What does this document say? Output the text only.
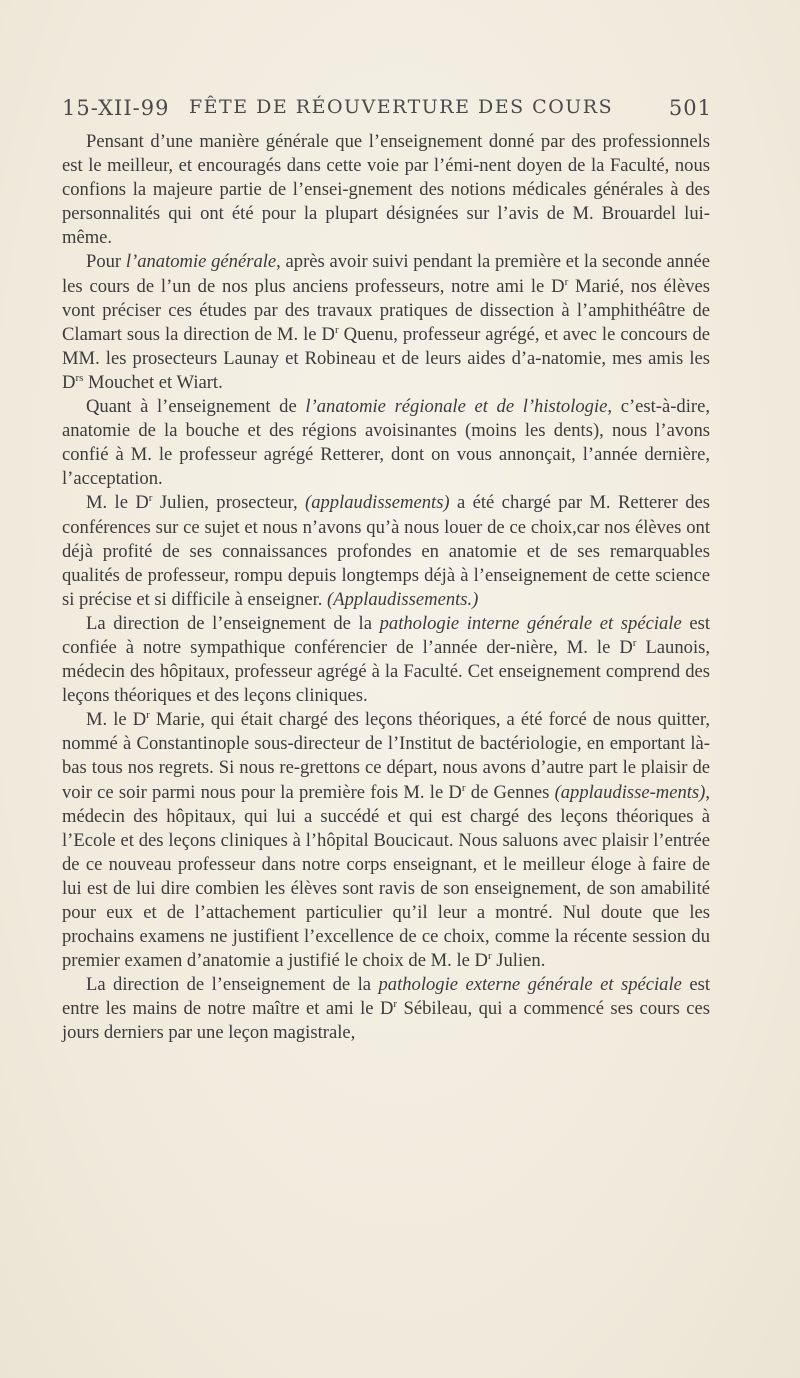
15-XII-99 FÊTE DE RÉOUVERTURE DES COURS	501

Pensant d’une manière générale que l’enseignement donné par des professionnels est le meilleur, et encouragés dans cette voie par l’émi-nent doyen de la Faculté, nous confions la majeure partie de l’ensei-gnement des notions médicales générales à des personnalités qui ont été pour la plupart désignées sur l’avis de M. Brouardel lui-même.

Pour l’anatomie générale, après avoir suivi pendant la première et la seconde année les cours de l’un de nos plus anciens professeurs, notre ami le $D^r$ Marié, nos élèves vont préciser ces études par des travaux pratiques de dissection à l’amphithéâtre de Clamart sous la direction de M. le $D^r$ Quenu, professeur agrégé, et avec le concours de MM. les prosecteurs Launay et Robineau et de leurs aides d’a-natomie, mes amis les $D^{rs}$ Mouchet et Wiart.

Quant à l’enseignement de l’anatomie régionale et de l’histologie, c’est-à-dire, anatomie de la bouche et des régions avoisinantes (moins les dents), nous l’avons confié à M. le professeur agrégé Retterer, dont on vous annonçait, l’année dernière, l’acceptation.

M. le $D^r$ Julien, prosecteur, (applaudissements) a été chargé par M. Retterer des conférences sur ce sujet et nous n’avons qu’à nous louer de ce choix,car nos élèves ont déjà profité de ses connaissances profondes en anatomie et de ses remarquables qualités de professeur, rompu depuis longtemps déjà à l’enseignement de cette science si précise et si difficile à enseigner. (Applaudissements.)

La direction de l’enseignement de la pathologie interne générale et spéciale est confiée à notre sympathique conférencier de l’année der-nière, M. le $D^r$ Launois, médecin des hôpitaux, professeur agrégé à la Faculté. Cet enseignement comprend des leçons théoriques et des leçons cliniques.

M. le $D^r$ Marie, qui était chargé des leçons théoriques, a été forcé de nous quitter, nommé à Constantinople sous-directeur de l’Institut de bactériologie, en emportant là-bas tous nos regrets. Si nous re-grettons ce départ, nous avons d’autre part le plaisir de voir ce soir parmi nous pour la première fois M. le $D^r$ de Gennes (applaudisse-ments), médecin des hôpitaux, qui lui a succédé et qui est chargé des leçons théoriques à l’Ecole et des leçons cliniques à l’hôpital Boucicaut. Nous saluons avec plaisir l’entrée de ce nouveau professeur dans notre corps enseignant, et le meilleur éloge à faire de lui est de lui dire combien les élèves sont ravis de son enseignement, de son amabilité pour eux et de l’attachement particulier qu’il leur a montré. Nul doute que les prochains examens ne justifient l’excellence de ce choix, comme la récente session du premier examen d’anatomie a justifié le choix de M. le $D^r$ Julien.

La direction de l’enseignement de la pathologie externe générale et spéciale est entre les mains de notre maître et ami le $D^r$ Sébileau, qui a commencé ses cours ces jours derniers par une leçon magistrale,
